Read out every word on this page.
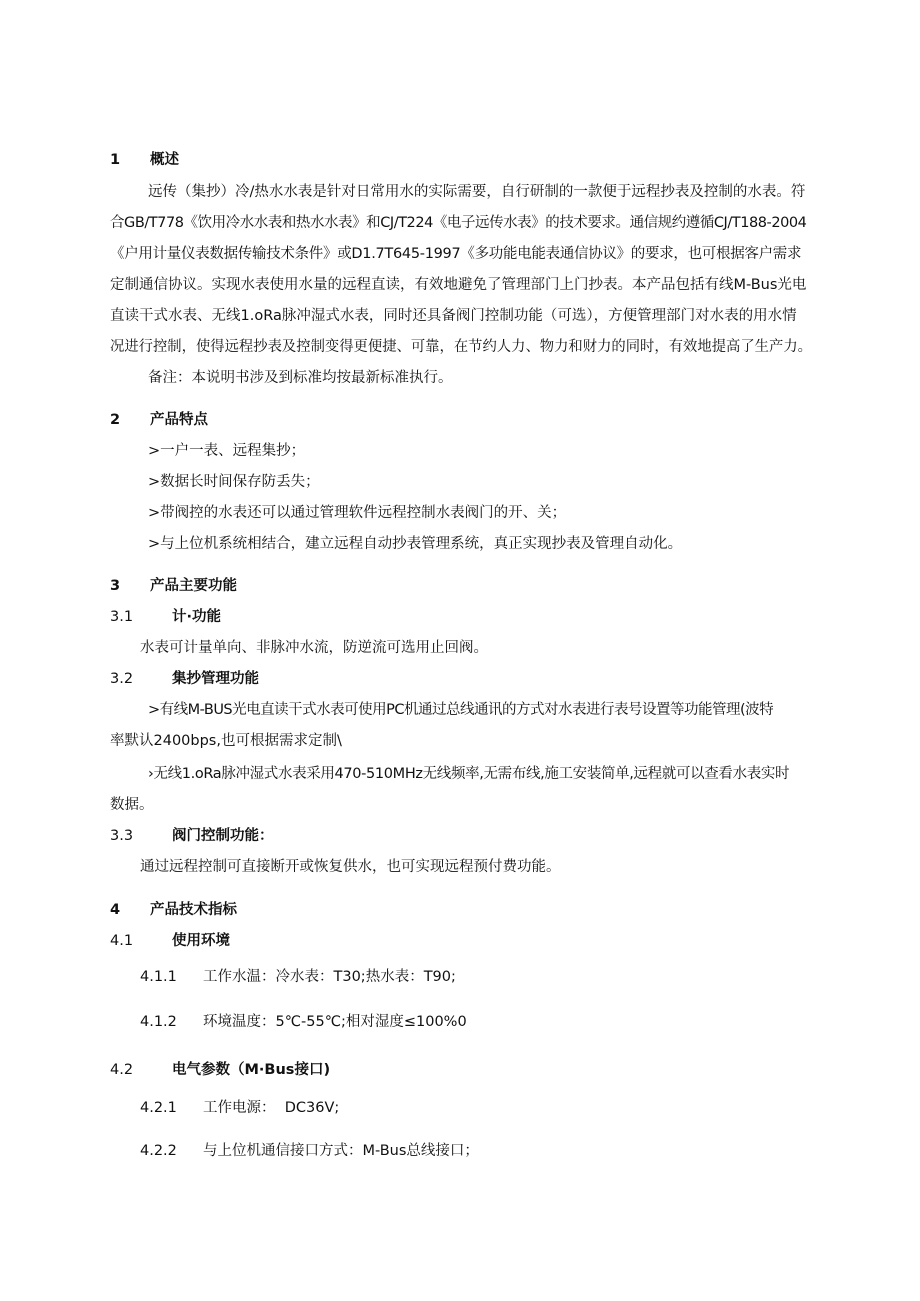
1 概述
远传（集抄）冷/热水水表是针对日常用水的实际需要，自行研制的一款便于远程抄表及控制的水表。符
合GB/T778《饮用冷水水表和热水水表》和CJ/T224《电子远传水表》的技术要求。通信规约遵循CJ/T188-2004
《户用计量仪表数据传输技术条件》或D1.7T645-1997《多功能电能表通信协议》的要求，也可根据客户需求
定制通信协议。实现水表使用水量的远程直读，有效地避免了管理部门上门抄表。本产品包括有线M-Bus光电
直读干式水表、无线1.oRa脉冲湿式水表，同时还具备阀门控制功能（可选），方便管理部门对水表的用水情
况进行控制，使得远程抄表及控制变得更便捷、可靠，在节约人力、物力和财力的同时，有效地提高了生产力。
备注：本说明书涉及到标准均按最新标准执行。
2 产品特点
>一户一表、远程集抄；
>数据长时间保存防丢失；
>带阀控的水表还可以通过管理软件远程控制水表阀门的开、关；
>与上位机系统相结合，建立远程自动抄表管理系统，真正实现抄表及管理自动化。
3 产品主要功能
3.1	计·功能
水表可计量单向、非脉冲水流，防逆流可选用止回阀。
3.2	集抄管理功能
>有线M-BUS光电直读干式水表可使用PC机通过总线通讯的方式对水表进行表号设置等功能管理(波特
率默认2400bps,也可根据需求定制\
›无线1.oRa脉冲湿式水表采用470-510MHz无线频率,无需布线,施工安装简单,远程就可以查看水表实时
数据。
3.3	阀门控制功能：
通过远程控制可直接断开或恢复供水，也可实现远程预付费功能。
4 产品技术指标
4.1	使用环境
4.1.1 工作水温：冷水表：T30;热水表：T90;
4.1.2 环境温度：5℃-55℃;相对湿度≤100%0
4.2	电气参数（M·Bus接口)
4.2.1 工作电源：  DC36V;
4.2.2 与上位机通信接口方式：M-Bus总线接口；
